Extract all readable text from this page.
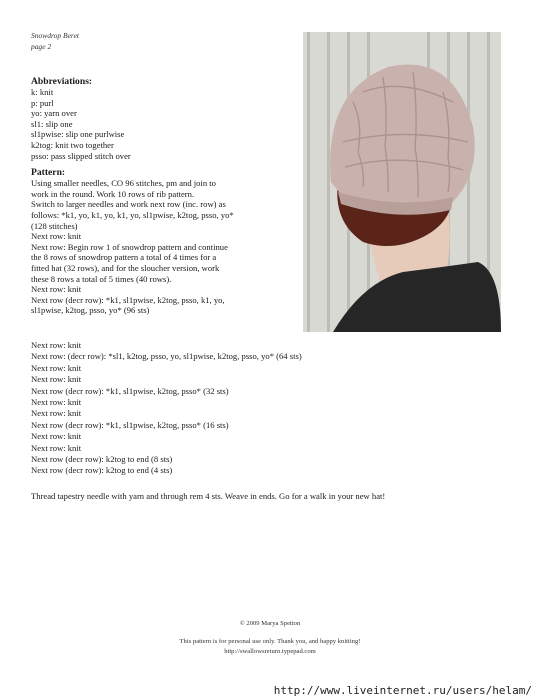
Snowdrop Beret
page 2
Abbreviations:
k: knit
p: purl
yo: yarn over
sl1: slip one
sl1pwise: slip one purlwise
k2tog: knit two together
psso: pass slipped stitch over
Pattern:
Using smaller needles, CO 96 stitches, pm and join to
work in the round. Work 10 rows of rib pattern.
Switch to larger needles and work next row (inc. row) as
follows: *k1, yo, k1, yo, k1, yo, sl1pwise, k2tog, psso, yo*
(128 stitches)
Next row: knit
Next row: Begin row 1 of snowdrop pattern and continue
the 8 rows of snowdrop pattern a total of 4 times for a
fitted hat (32 rows), and for the sloucher version, work
these 8 rows a total of 5 times (40 rows).
Next row: knit
Next row (decr row): *k1, sl1pwise, k2tog, psso, k1, yo,
sl1pwise, k2tog, psso, yo* (96 sts)
Next row: knit
Next row: (decr row): *sl1, k2tog, psso, yo, sl1pwise, k2tog, psso, yo* (64 sts)
Next row: knit
Next row: knit
Next row (decr row): *k1, sl1pwise, k2tog, psso* (32 sts)
Next row: knit
Next row: knit
Next row (decr row): *k1, sl1pwise, k2tog, psso* (16 sts)
Next row: knit
Next row: knit
Next row (decr row): k2tog to end (8 sts)
Next row (decr row): k2tog to end (4 sts)
Thread tapestry needle with yarn and through rem 4 sts. Weave in ends. Go for a walk in your new hat!

© 2009 Marya Spetton

This pattern is for personal use only. Thank you, and happy knitting!

http://swallowsreturn.typepad.com

http://www.liveinternet.ru/users/helam/
